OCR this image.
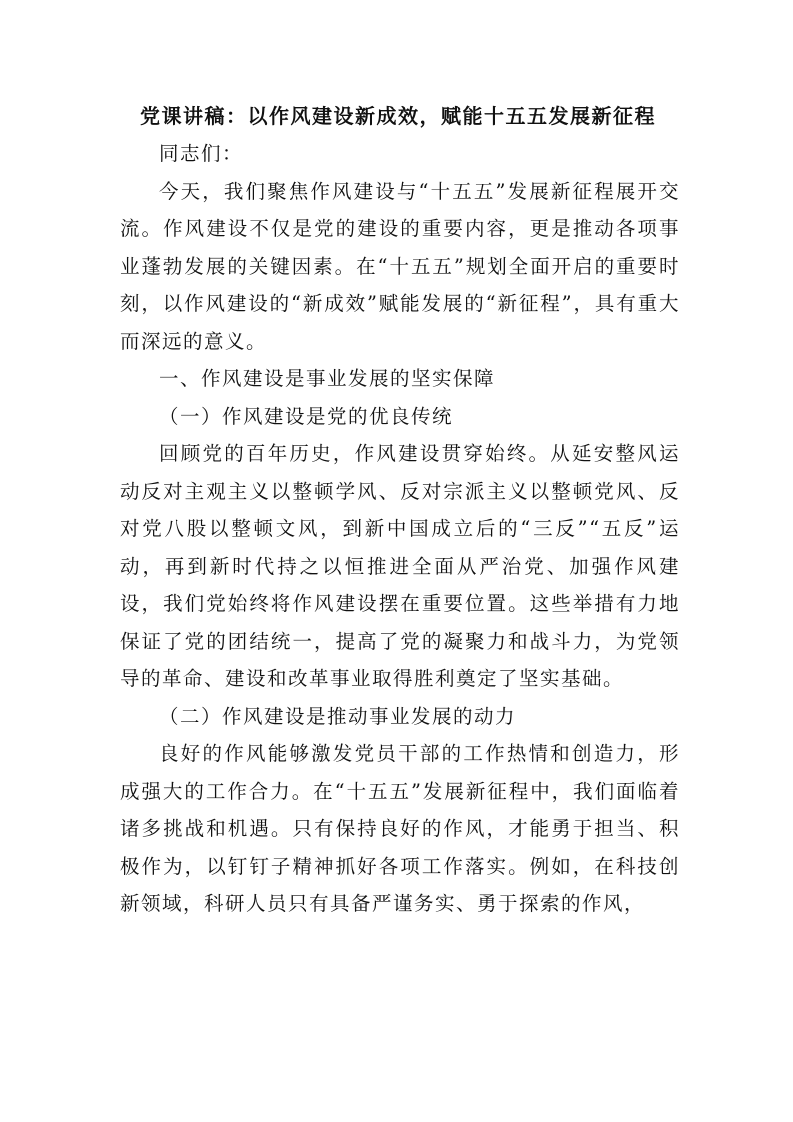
党课讲稿：以作风建设新成效，赋能十五五发展新征程

同志们：

今天，我们聚焦作风建设与“十五五”发展新征程展开交流。作风建设不仅是党的建设的重要内容，更是推动各项事业蓬勃发展的关键因素。在“十五五”规划全面开启的重要时刻，以作风建设的“新成效”赋能发展的“新征程”，具有重大而深远的意义。

一、作风建设是事业发展的坚实保障

（一）作风建设是党的优良传统

回顾党的百年历史，作风建设贯穿始终。从延安整风运动反对主观主义以整顿学风、反对宗派主义以整顿党风、反对党八股以整顿文风，到新中国成立后的“三反”“五反”运动，再到新时代持之以恒推进全面从严治党、加强作风建设，我们党始终将作风建设摆在重要位置。这些举措有力地保证了党的团结统一，提高了党的凝聚力和战斗力，为党领导的革命、建设和改革事业取得胜利奠定了坚实基础。

（二）作风建设是推动事业发展的动力

良好的作风能够激发党员干部的工作热情和创造力，形成强大的工作合力。在“十五五”发展新征程中，我们面临着诸多挑战和机遇。只有保持良好的作风，才能勇于担当、积极作为，以钉钉子精神抓好各项工作落实。例如，在科技创新领域，科研人员只有具备严谨务实、勇于探索的作风，
